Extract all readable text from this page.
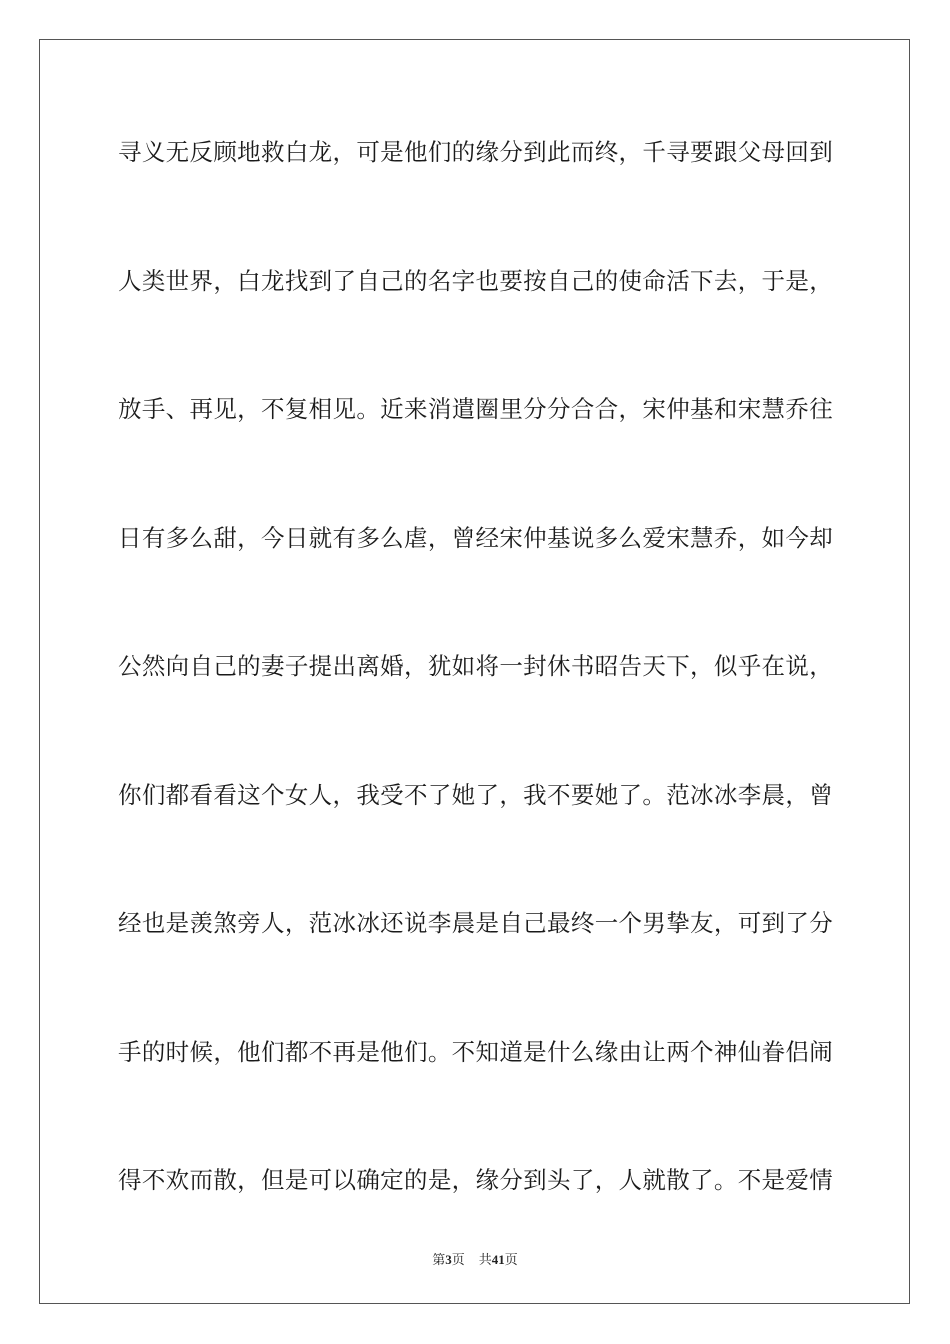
寻义无反顾地救白龙，可是他们的缘分到此而终，千寻要跟父母回到
人类世界，白龙找到了自己的名字也要按自己的使命活下去，于是，
放手、再见，不复相见。近来消遣圈里分分合合，宋仲基和宋慧乔往
日有多么甜，今日就有多么虐，曾经宋仲基说多么爱宋慧乔，如今却
公然向自己的妻子提出离婚，犹如将一封休书昭告天下，似乎在说，
你们都看看这个女人，我受不了她了，我不要她了。范冰冰李晨，曾
经也是羡煞旁人，范冰冰还说李晨是自己最终一个男挚友，可到了分
手的时候，他们都不再是他们。不知道是什么缘由让两个神仙眷侣闹
得不欢而散，但是可以确定的是，缘分到头了，人就散了。不是爱情
第3页 共41页
